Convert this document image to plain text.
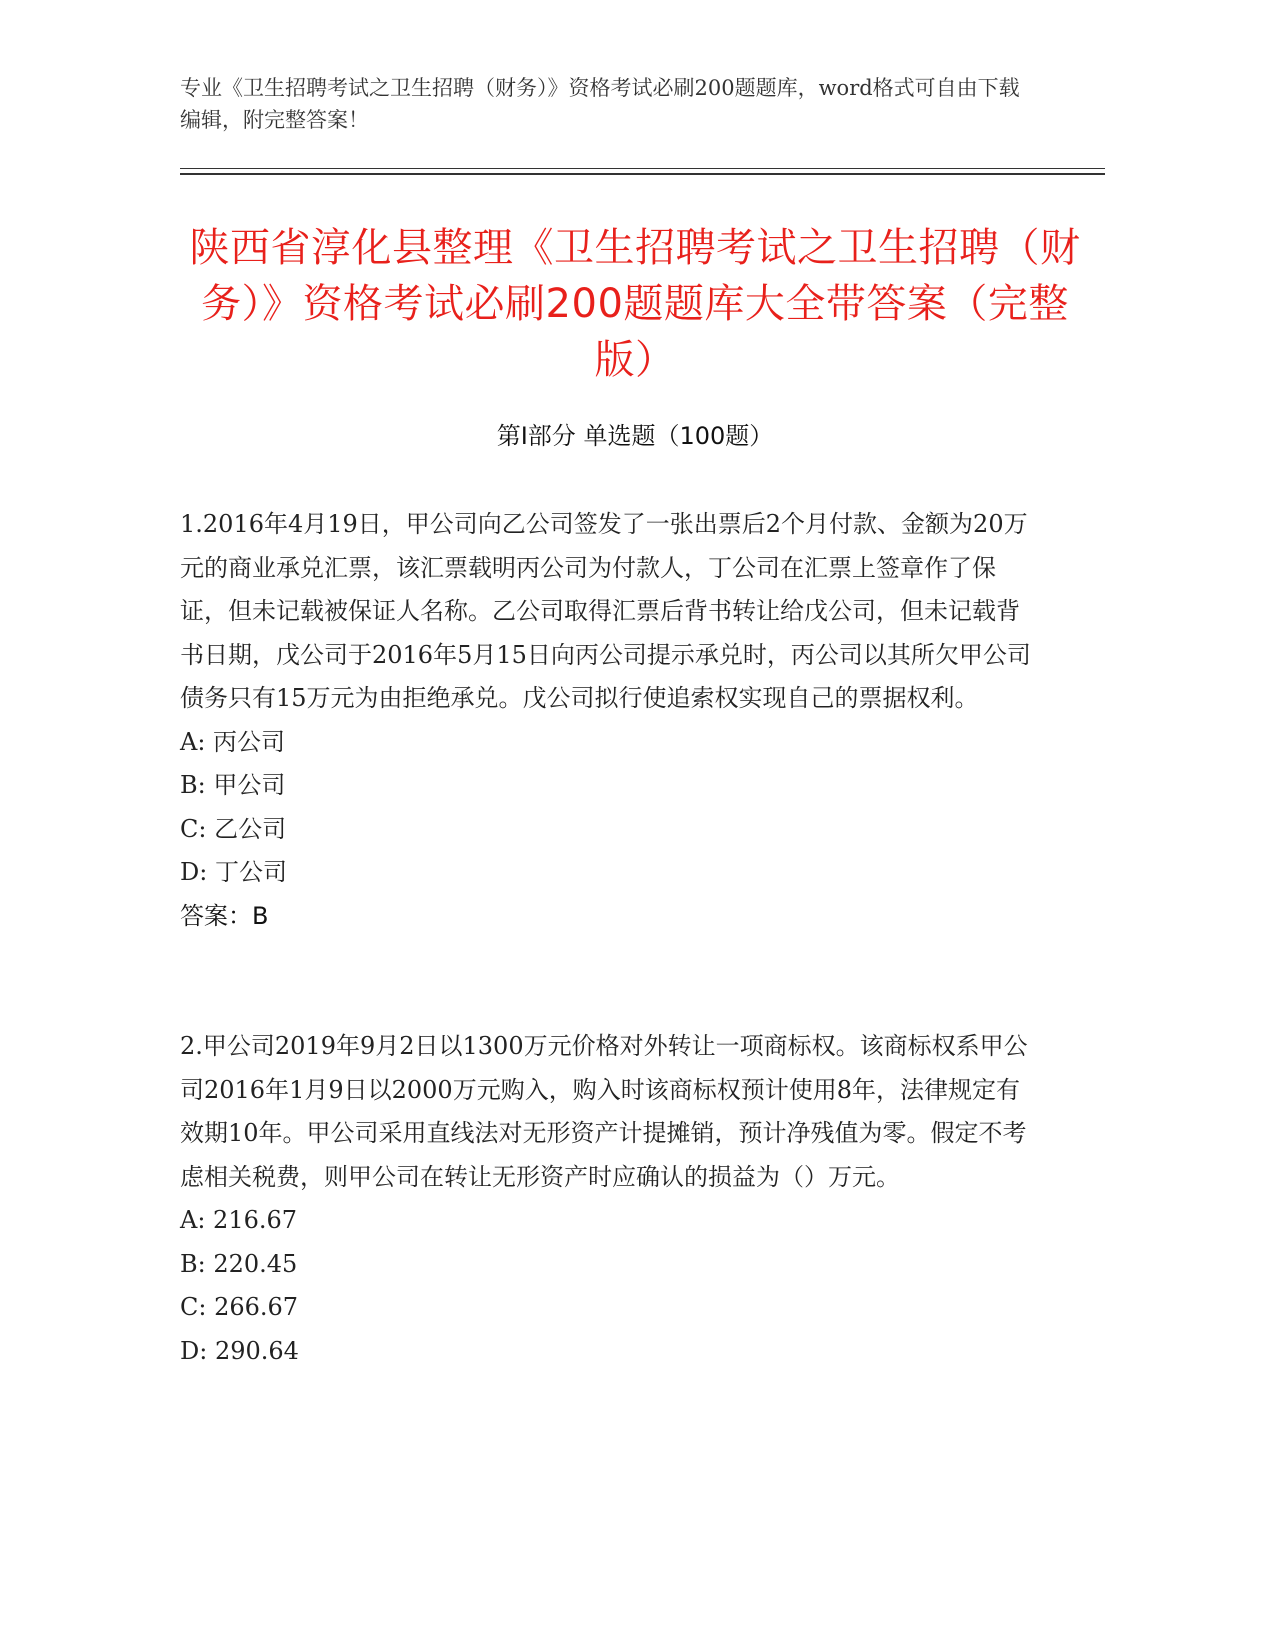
专业《卫生招聘考试之卫生招聘（财务）》资格考试必刷200题题库，word格式可自由下载编辑，附完整答案！
陕西省淳化县整理《卫生招聘考试之卫生招聘（财务）》资格考试必刷200题题库大全带答案（完整版）
第Ⅰ部分 单选题（100题）

1.2016年4月19日，甲公司向乙公司签发了一张出票后2个月付款、金额为20万元的商业承兑汇票，该汇票载明丙公司为付款人，丁公司在汇票上签章作了保证，但未记载被保证人名称。乙公司取得汇票后背书转让给戊公司，但未记载背书日期，戊公司于2016年5月15日向丙公司提示承兑时，丙公司以其所欠甲公司债务只有15万元为由拒绝承兑。戊公司拟行使追索权实现自己的票据权利。

A: 丙公司

B: 甲公司

C: 乙公司

D: 丁公司

答案：B

2.甲公司2019年9月2日以1300万元价格对外转让一项商标权。该商标权系甲公司2016年1月9日以2000万元购入，购入时该商标权预计使用8年，法律规定有效期10年。甲公司采用直线法对无形资产计提摊销，预计净残值为零。假定不考虑相关税费，则甲公司在转让无形资产时应确认的损益为（）万元。

A: 216.67

B: 220.45

C: 266.67

D: 290.64
